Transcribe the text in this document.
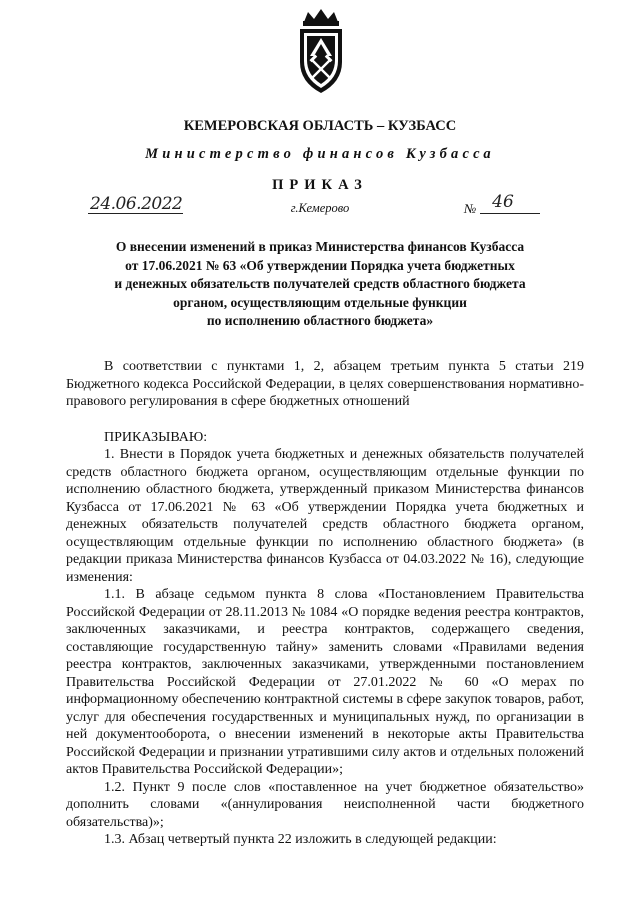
КЕМЕРОВСКАЯ ОБЛАСТЬ – КУЗБАСС
Министерство финансов Кузбасса
ПРИКАЗ
24.06.2022	г.Кемерово	№ 46
О внесении изменений в приказ Министерства финансов Кузбасса
от 17.06.2021 № 63 «Об утверждении Порядка учета бюджетных
и денежных обязательств получателей средств областного бюджета
органом, осуществляющим отдельные функции
по исполнению областного бюджета»

В соответствии с пунктами 1, 2, абзацем третьим пункта 5 статьи 219 Бюджетного кодекса Российской Федерации, в целях совершенствования нормативно-правового регулирования в сфере бюджетных отношений

ПРИКАЗЫВАЮ:

1. Внести в Порядок учета бюджетных и денежных обязательств получателей средств областного бюджета органом, осуществляющим отдельные функции по исполнению областного бюджета, утвержденный приказом Министерства финансов Кузбасса от 17.06.2021 № 63 «Об утверждении Порядка учета бюджетных и денежных обязательств получателей средств областного бюджета органом, осуществляющим отдельные функции по исполнению областного бюджета» (в редакции приказа Министерства финансов Кузбасса от 04.03.2022 № 16), следующие изменения:

1.1. В абзаце седьмом пункта 8 слова «Постановлением Правительства Российской Федерации от 28.11.2013 № 1084 «О порядке ведения реестра контрактов, заключенных заказчиками, и реестра контрактов, содержащего сведения, составляющие государственную тайну» заменить словами «Правилами ведения реестра контрактов, заключенных заказчиками, утвержденными постановлением Правительства Российской Федерации от 27.01.2022 № 60 «О мерах по информационному обеспечению контрактной системы в сфере закупок товаров, работ, услуг для обеспечения государственных и муниципальных нужд, по организации в ней документооборота, о внесении изменений в некоторые акты Правительства Российской Федерации и признании утратившими силу актов и отдельных положений актов Правительства Российской Федерации»;

1.2. Пункт 9 после слов «поставленное на учет бюджетное обязательство» дополнить словами «(аннулирования неисполненной части бюджетного обязательства)»;

1.3. Абзац четвертый пункта 22 изложить в следующей редакции:
